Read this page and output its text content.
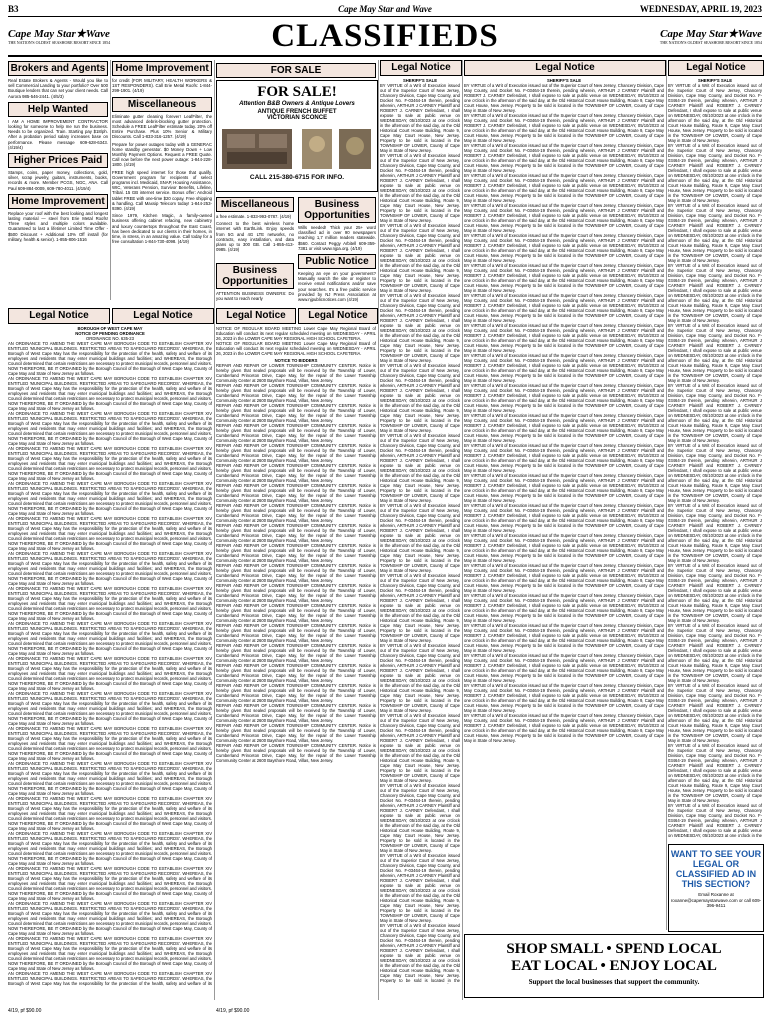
B3	Cape May Star and Wave	WEDNESDAY, APRIL 19, 2023
Cape May Star★Wave
THE NATION'S OLDEST SEASHORE RESORT SINCE 1854	CLASSIFIEDS	Cape May Star★Wave
THE NATION'S OLDEST SEASHORE RESORT SINCE 1854
Brokers and Agents
Real Estate Brokers & Agents - Would you like to sell Commercial Landing to your portfolio? Over 500 Boutique lenders that can set your client needs. Call Aurora 985-546-2441. (4/5/3)
Help Wanted
I AM A HOME IMPROVEMENT CONTRACTOR looking for someone to help me run the business. Needs to be organized. Train. Starting pay $18/ph. After a probation period salary increases base on performance. Please message 609-628-6343. (4/19/4)
Higher Prices Paid
Stamps, coins, paper money, collections, gold, silver, scrap jewelry, guitars, instruments, books, records & more. Member PCGS, NGC, ANA. Call Paul 609-884-0009, 609-780-4011. (4/19/4)
Home Improvement
Replace your roof with the best looking and longest lasting material — steel from Erie Metal Roofs! Three styles and multiple colors available. Guaranteed to last a lifetime! Limited Time Offer - $500 Discount + Additional 10% Off install (for military, health & senior). 1-855-806-1516
Home Improvement
for credit (FOR MILITARY, HEALTH WORKERS & 1ST RESPONDERS). Call Erie Metal Roofs: 1-844-299-1901. (4/19)
Miscellaneous
Eliminate gutter cleaning forever! LeafFilter, the most advanced debris-blocking gutter protection. Schedule a FREE LeafFilter estimate today. 20% off Entire Purchase. Plus 10% Senior & Military Discounts. Call 1-833-316-1257. (4/19)
Prepare for power outages today with a GENERAC home standby generator. $0 Money Down + Low Monthly Payment Options. Request a FREE Quote. Call now before the next power outage: 1-844-228-1800. (4/19)
FREE high speed internet for those that qualify. Government program for recipients of select programs incl. Medicaid, SNAP, Housing Assistance, WIC, Veterans Pension, Survivor Benefits, Lifeline, Tribal. 15 GB internet service. Bonus offer: Android tablet FREE with one-time $20 copay. Free shipping & handling. Call Maxsip Telecom today! 1-844-253-9390. (4/19)
Since 1979, Kitchen Magic, a family-owned business offering cabinet refacing, new cabinetry and luxury countertops throughout the East Coast, has been dedicated to our clients in their homes, in time, in stress, in an amazing value. Call today for a free consultation 1-844-730-4098. (4/19)
FOR SALE
FOR SALE!
Attention B&B Owners & Antique Lovers
ANTIQUE FRENCH BUFFET
VICTORIAN SCONCE
CALL 215-380-6715 FOR INFO.
Miscellaneous
a free estimate. 1-833-993-0787. (4/19)
Connect to the best wireless home internet with EarthLink. Enjoy speeds from 5G and 4G LTE networks, no contracts, easy installation, and data plans up to 300 GB. Call 1-855-413-0985. (4/19)
Business Opportunities
Wills needed! Thick your 25+ word classified ad in over 90 newspapers reaching 1,7 million readers statewide. $560. Contact Peggy Arbitell 609-359-7381 or visit www.njpa.org. (4/19)
Public Notice
Keeping an eye on your government? Manually search the site or register to receive email notifications and/or save your searches. It's a free public service provided by NJ Press Association at www.njpublicnotices.com (4/19)
Business Opportunities
ATTENTION BUSINESS OWNERS: Do you want to reach nearly
Legal Notice	Legal Notice	Legal Notice	Legal Notice
Legal Notice	Legal Notice	Legal Notice
BOROUGH OF WEST CAPE MAY
NOTICE OF PENDING ORDINANCE
ORDINANCE NO. 635-23
AN ORDINANCE TO AMEND THE WEST CAPE MAY BOROUGH CODE TO ESTABLISH CHAPTER XIV ENTITLED 'MUNICIPAL BUILDINGS. RESTRICTED AREAS TO SAFEGUARD RECORDS'. WHEREAS, the Borough of West Cape May has the responsibility for the protection of the health, safety and welfare of its employees and residents that may enter municipal buildings and facilities; and WHEREAS, the Borough Council determined that certain restrictions are necessary to protect municipal records, personnel and visitors. NOW THEREFORE, BE IT ORDAINED by the Borough Council of the Borough of West Cape May, County of Cape May and State of New Jersey as follows.
AN ORDINANCE TO AMEND THE WEST CAPE MAY BOROUGH CODE TO ESTABLISH CHAPTER XIV ENTITLED 'MUNICIPAL BUILDINGS. RESTRICTED AREAS TO SAFEGUARD RECORDS'. WHEREAS, the Borough of West Cape May has the responsibility for the protection of the health, safety and welfare of its employees and residents that may enter municipal buildings and facilities; and WHEREAS, the Borough Council determined that certain restrictions are necessary to protect municipal records, personnel and visitors. NOW THEREFORE, BE IT ORDAINED by the Borough Council of the Borough of West Cape May, County of Cape May and State of New Jersey as follows.
AN ORDINANCE TO AMEND THE WEST CAPE MAY BOROUGH CODE TO ESTABLISH CHAPTER XIV ENTITLED 'MUNICIPAL BUILDINGS. RESTRICTED AREAS TO SAFEGUARD RECORDS'. WHEREAS, the Borough of West Cape May has the responsibility for the protection of the health, safety and welfare of its employees and residents that may enter municipal buildings and facilities; and WHEREAS, the Borough Council determined that certain restrictions are necessary to protect municipal records, personnel and visitors. NOW THEREFORE, BE IT ORDAINED by the Borough Council of the Borough of West Cape May, County of Cape May and State of New Jersey as follows.
AN ORDINANCE TO AMEND THE WEST CAPE MAY BOROUGH CODE TO ESTABLISH CHAPTER XIV ENTITLED 'MUNICIPAL BUILDINGS. RESTRICTED AREAS TO SAFEGUARD RECORDS'. WHEREAS, the Borough of West Cape May has the responsibility for the protection of the health, safety and welfare of its employees and residents that may enter municipal buildings and facilities; and WHEREAS, the Borough Council determined that certain restrictions are necessary to protect municipal records, personnel and visitors. NOW THEREFORE, BE IT ORDAINED by the Borough Council of the Borough of West Cape May, County of Cape May and State of New Jersey as follows.
AN ORDINANCE TO AMEND THE WEST CAPE MAY BOROUGH CODE TO ESTABLISH CHAPTER XIV ENTITLED 'MUNICIPAL BUILDINGS. RESTRICTED AREAS TO SAFEGUARD RECORDS'. WHEREAS, the Borough of West Cape May has the responsibility for the protection of the health, safety and welfare of its employees and residents that may enter municipal buildings and facilities; and WHEREAS, the Borough Council determined that certain restrictions are necessary to protect municipal records, personnel and visitors. NOW THEREFORE, BE IT ORDAINED by the Borough Council of the Borough of West Cape May, County of Cape May and State of New Jersey as follows.
AN ORDINANCE TO AMEND THE WEST CAPE MAY BOROUGH CODE TO ESTABLISH CHAPTER XIV ENTITLED 'MUNICIPAL BUILDINGS. RESTRICTED AREAS TO SAFEGUARD RECORDS'. WHEREAS, the Borough of West Cape May has the responsibility for the protection of the health, safety and welfare of its employees and residents that may enter municipal buildings and facilities; and WHEREAS, the Borough Council determined that certain restrictions are necessary to protect municipal records, personnel and visitors. NOW THEREFORE, BE IT ORDAINED by the Borough Council of the Borough of West Cape May, County of Cape May and State of New Jersey as follows.
AN ORDINANCE TO AMEND THE WEST CAPE MAY BOROUGH CODE TO ESTABLISH CHAPTER XIV ENTITLED 'MUNICIPAL BUILDINGS. RESTRICTED AREAS TO SAFEGUARD RECORDS'. WHEREAS, the Borough of West Cape May has the responsibility for the protection of the health, safety and welfare of its employees and residents that may enter municipal buildings and facilities; and WHEREAS, the Borough Council determined that certain restrictions are necessary to protect municipal records, personnel and visitors. NOW THEREFORE, BE IT ORDAINED by the Borough Council of the Borough of West Cape May, County of Cape May and State of New Jersey as follows.
AN ORDINANCE TO AMEND THE WEST CAPE MAY BOROUGH CODE TO ESTABLISH CHAPTER XIV ENTITLED 'MUNICIPAL BUILDINGS. RESTRICTED AREAS TO SAFEGUARD RECORDS'. WHEREAS, the Borough of West Cape May has the responsibility for the protection of the health, safety and welfare of its employees and residents that may enter municipal buildings and facilities; and WHEREAS, the Borough Council determined that certain restrictions are necessary to protect municipal records, personnel and visitors. NOW THEREFORE, BE IT ORDAINED by the Borough Council of the Borough of West Cape May, County of Cape May and State of New Jersey as follows.
AN ORDINANCE TO AMEND THE WEST CAPE MAY BOROUGH CODE TO ESTABLISH CHAPTER XIV ENTITLED 'MUNICIPAL BUILDINGS. RESTRICTED AREAS TO SAFEGUARD RECORDS'. WHEREAS, the Borough of West Cape May has the responsibility for the protection of the health, safety and welfare of its employees and residents that may enter municipal buildings and facilities; and WHEREAS, the Borough Council determined that certain restrictions are necessary to protect municipal records, personnel and visitors. NOW THEREFORE, BE IT ORDAINED by the Borough Council of the Borough of West Cape May, County of Cape May and State of New Jersey as follows.
AN ORDINANCE TO AMEND THE WEST CAPE MAY BOROUGH CODE TO ESTABLISH CHAPTER XIV ENTITLED 'MUNICIPAL BUILDINGS. RESTRICTED AREAS TO SAFEGUARD RECORDS'. WHEREAS, the Borough of West Cape May has the responsibility for the protection of the health, safety and welfare of its employees and residents that may enter municipal buildings and facilities; and WHEREAS, the Borough Council determined that certain restrictions are necessary to protect municipal records, personnel and visitors. NOW THEREFORE, BE IT ORDAINED by the Borough Council of the Borough of West Cape May, County of Cape May and State of New Jersey as follows.
AN ORDINANCE TO AMEND THE WEST CAPE MAY BOROUGH CODE TO ESTABLISH CHAPTER XIV ENTITLED 'MUNICIPAL BUILDINGS. RESTRICTED AREAS TO SAFEGUARD RECORDS'. WHEREAS, the Borough of West Cape May has the responsibility for the protection of the health, safety and welfare of its employees and residents that may enter municipal buildings and facilities; and WHEREAS, the Borough Council determined that certain restrictions are necessary to protect municipal records, personnel and visitors. NOW THEREFORE, BE IT ORDAINED by the Borough Council of the Borough of West Cape May, County of Cape May and State of New Jersey as follows.
AN ORDINANCE TO AMEND THE WEST CAPE MAY BOROUGH CODE TO ESTABLISH CHAPTER XIV ENTITLED 'MUNICIPAL BUILDINGS. RESTRICTED AREAS TO SAFEGUARD RECORDS'. WHEREAS, the Borough of West Cape May has the responsibility for the protection of the health, safety and welfare of its employees and residents that may enter municipal buildings and facilities; and WHEREAS, the Borough Council determined that certain restrictions are necessary to protect municipal records, personnel and visitors. NOW THEREFORE, BE IT ORDAINED by the Borough Council of the Borough of West Cape May, County of Cape May and State of New Jersey as follows.
AN ORDINANCE TO AMEND THE WEST CAPE MAY BOROUGH CODE TO ESTABLISH CHAPTER XIV ENTITLED 'MUNICIPAL BUILDINGS. RESTRICTED AREAS TO SAFEGUARD RECORDS'. WHEREAS, the Borough of West Cape May has the responsibility for the protection of the health, safety and welfare of its employees and residents that may enter municipal buildings and facilities; and WHEREAS, the Borough Council determined that certain restrictions are necessary to protect municipal records, personnel and visitors. NOW THEREFORE, BE IT ORDAINED by the Borough Council of the Borough of West Cape May, County of Cape May and State of New Jersey as follows.
AN ORDINANCE TO AMEND THE WEST CAPE MAY BOROUGH CODE TO ESTABLISH CHAPTER XIV ENTITLED 'MUNICIPAL BUILDINGS. RESTRICTED AREAS TO SAFEGUARD RECORDS'. WHEREAS, the Borough of West Cape May has the responsibility for the protection of the health, safety and welfare of its employees and residents that may enter municipal buildings and facilities; and WHEREAS, the Borough Council determined that certain restrictions are necessary to protect municipal records, personnel and visitors. NOW THEREFORE, BE IT ORDAINED by the Borough Council of the Borough of West Cape May, County of Cape May and State of New Jersey as follows.
AN ORDINANCE TO AMEND THE WEST CAPE MAY BOROUGH CODE TO ESTABLISH CHAPTER XIV ENTITLED 'MUNICIPAL BUILDINGS. RESTRICTED AREAS TO SAFEGUARD RECORDS'. WHEREAS, the Borough of West Cape May has the responsibility for the protection of the health, safety and welfare of its employees and residents that may enter municipal buildings and facilities; and WHEREAS, the Borough Council determined that certain restrictions are necessary to protect municipal records, personnel and visitors. NOW THEREFORE, BE IT ORDAINED by the Borough Council of the Borough of West Cape May, County of Cape May and State of New Jersey as follows.
AN ORDINANCE TO AMEND THE WEST CAPE MAY BOROUGH CODE TO ESTABLISH CHAPTER XIV ENTITLED 'MUNICIPAL BUILDINGS. RESTRICTED AREAS TO SAFEGUARD RECORDS'. WHEREAS, the Borough of West Cape May has the responsibility for the protection of the health, safety and welfare of its employees and residents that may enter municipal buildings and facilities; and WHEREAS, the Borough Council determined that certain restrictions are necessary to protect municipal records, personnel and visitors. NOW THEREFORE, BE IT ORDAINED by the Borough Council of the Borough of West Cape May, County of Cape May and State of New Jersey as follows.
AN ORDINANCE TO AMEND THE WEST CAPE MAY BOROUGH CODE TO ESTABLISH CHAPTER XIV ENTITLED 'MUNICIPAL BUILDINGS. RESTRICTED AREAS TO SAFEGUARD RECORDS'. WHEREAS, the Borough of West Cape May has the responsibility for the protection of the health, safety and welfare of its employees and residents that may enter municipal buildings and facilities; and WHEREAS, the Borough Council determined that certain restrictions are necessary to protect municipal records, personnel and visitors. NOW THEREFORE, BE IT ORDAINED by the Borough Council of the Borough of West Cape May, County of Cape May and State of New Jersey as follows.
AN ORDINANCE TO AMEND THE WEST CAPE MAY BOROUGH CODE TO ESTABLISH CHAPTER XIV ENTITLED 'MUNICIPAL BUILDINGS. RESTRICTED AREAS TO SAFEGUARD RECORDS'. WHEREAS, the Borough of West Cape May has the responsibility for the protection of the health, safety and welfare of its employees and residents that may enter municipal buildings and facilities; and WHEREAS, the Borough Council determined that certain restrictions are necessary to protect municipal records, personnel and visitors. NOW THEREFORE, BE IT ORDAINED by the Borough Council of the Borough of West Cape May, County of Cape May and State of New Jersey as follows.
AN ORDINANCE TO AMEND THE WEST CAPE MAY BOROUGH CODE TO ESTABLISH CHAPTER XIV ENTITLED 'MUNICIPAL BUILDINGS. RESTRICTED AREAS TO SAFEGUARD RECORDS'. WHEREAS, the Borough of West Cape May has the responsibility for the protection of the health, safety and welfare of its
NOTICE OF REGULAR BOARD MEETING Lower Cape May Regional Board of Education will conduct its next regular scheduled meeting on WEDNESDAY - APRIL 26, 2023 in the LOWER CAPE MAY REGIONAL HIGH SCHOOL CAFETERIA.
NOTICE OF REGULAR BOARD MEETING Lower Cape May Regional Board of Education will conduct its next regular scheduled meeting on WEDNESDAY - APRIL 26, 2023 in the LOWER CAPE MAY REGIONAL HIGH SCHOOL CAFETERIA.
NOTICE TO BIDDERS
REPAIR AND REPAIR OF LOWER TOWNSHIP COMMUNITY CENTER. Notice is hereby given that sealed proposals will be received by the Township of Lower, Cumberland Princeton Drive, Cape May, for the repair of the Lower Township Community Center at 2600 Bayshore Road, Villas, New Jersey.
REPAIR AND REPAIR OF LOWER TOWNSHIP COMMUNITY CENTER. Notice is hereby given that sealed proposals will be received by the Township of Lower, Cumberland Princeton Drive, Cape May, for the repair of the Lower Township Community Center at 2600 Bayshore Road, Villas, New Jersey.
REPAIR AND REPAIR OF LOWER TOWNSHIP COMMUNITY CENTER. Notice is hereby given that sealed proposals will be received by the Township of Lower, Cumberland Princeton Drive, Cape May, for the repair of the Lower Township Community Center at 2600 Bayshore Road, Villas, New Jersey.
REPAIR AND REPAIR OF LOWER TOWNSHIP COMMUNITY CENTER. Notice is hereby given that sealed proposals will be received by the Township of Lower, Cumberland Princeton Drive, Cape May, for the repair of the Lower Township Community Center at 2600 Bayshore Road, Villas, New Jersey.
REPAIR AND REPAIR OF LOWER TOWNSHIP COMMUNITY CENTER. Notice is hereby given that sealed proposals will be received by the Township of Lower, Cumberland Princeton Drive, Cape May, for the repair of the Lower Township Community Center at 2600 Bayshore Road, Villas, New Jersey.
REPAIR AND REPAIR OF LOWER TOWNSHIP COMMUNITY CENTER. Notice is hereby given that sealed proposals will be received by the Township of Lower, Cumberland Princeton Drive, Cape May, for the repair of the Lower Township Community Center at 2600 Bayshore Road, Villas, New Jersey.
REPAIR AND REPAIR OF LOWER TOWNSHIP COMMUNITY CENTER. Notice is hereby given that sealed proposals will be received by the Township of Lower, Cumberland Princeton Drive, Cape May, for the repair of the Lower Township Community Center at 2600 Bayshore Road, Villas, New Jersey.
REPAIR AND REPAIR OF LOWER TOWNSHIP COMMUNITY CENTER. Notice is hereby given that sealed proposals will be received by the Township of Lower, Cumberland Princeton Drive, Cape May, for the repair of the Lower Township Community Center at 2600 Bayshore Road, Villas, New Jersey.
REPAIR AND REPAIR OF LOWER TOWNSHIP COMMUNITY CENTER. Notice is hereby given that sealed proposals will be received by the Township of Lower, Cumberland Princeton Drive, Cape May, for the repair of the Lower Township Community Center at 2600 Bayshore Road, Villas, New Jersey.
REPAIR AND REPAIR OF LOWER TOWNSHIP COMMUNITY CENTER. Notice is hereby given that sealed proposals will be received by the Township of Lower, Cumberland Princeton Drive, Cape May, for the repair of the Lower Township Community Center at 2600 Bayshore Road, Villas, New Jersey.
REPAIR AND REPAIR OF LOWER TOWNSHIP COMMUNITY CENTER. Notice is hereby given that sealed proposals will be received by the Township of Lower, Cumberland Princeton Drive, Cape May, for the repair of the Lower Township Community Center at 2600 Bayshore Road, Villas, New Jersey.
REPAIR AND REPAIR OF LOWER TOWNSHIP COMMUNITY CENTER. Notice is hereby given that sealed proposals will be received by the Township of Lower, Cumberland Princeton Drive, Cape May, for the repair of the Lower Township Community Center at 2600 Bayshore Road, Villas, New Jersey.
REPAIR AND REPAIR OF LOWER TOWNSHIP COMMUNITY CENTER. Notice is hereby given that sealed proposals will be received by the Township of Lower, Cumberland Princeton Drive, Cape May, for the repair of the Lower Township Community Center at 2600 Bayshore Road, Villas, New Jersey.
REPAIR AND REPAIR OF LOWER TOWNSHIP COMMUNITY CENTER. Notice is hereby given that sealed proposals will be received by the Township of Lower, Cumberland Princeton Drive, Cape May, for the repair of the Lower Township Community Center at 2600 Bayshore Road, Villas, New Jersey.
REPAIR AND REPAIR OF LOWER TOWNSHIP COMMUNITY CENTER. Notice is hereby given that sealed proposals will be received by the Township of Lower, Cumberland Princeton Drive, Cape May, for the repair of the Lower Township Community Center at 2600 Bayshore Road, Villas, New Jersey.
REPAIR AND REPAIR OF LOWER TOWNSHIP COMMUNITY CENTER. Notice is hereby given that sealed proposals will be received by the Township of Lower, Cumberland Princeton Drive, Cape May, for the repair of the Lower Township Community Center at 2600 Bayshore Road, Villas, New Jersey.
REPAIR AND REPAIR OF LOWER TOWNSHIP COMMUNITY CENTER. Notice is hereby given that sealed proposals will be received by the Township of Lower, Cumberland Princeton Drive, Cape May, for the repair of the Lower Township Community Center at 2600 Bayshore Road, Villas, New Jersey.
REPAIR AND REPAIR OF LOWER TOWNSHIP COMMUNITY CENTER. Notice is hereby given that sealed proposals will be received by the Township of Lower, Cumberland Princeton Drive, Cape May, for the repair of the Lower Township Community Center at 2600 Bayshore Road, Villas, New Jersey.
REPAIR AND REPAIR OF LOWER TOWNSHIP COMMUNITY CENTER. Notice is hereby given that sealed proposals will be received by the Township of Lower, Cumberland Princeton Drive, Cape May, for the repair of the Lower Township Community Center at 2600 Bayshore Road, Villas, New Jersey.
REPAIR AND REPAIR OF LOWER TOWNSHIP COMMUNITY CENTER. Notice is hereby given that sealed proposals will be received by the Township of Lower, Cumberland Princeton Drive, Cape May, for the repair of the Lower Township Community Center at 2600 Bayshore Road, Villas, New Jersey.
SHERIFF'S SALE
BY VIRTUE of a Writ of Execution issued out of the Superior Court of New Jersey, Chancery Division, Cape May County, and Docket No. F-03464-19 therein, pending wherein, ARTHUR J CARNEY Plaintiff and ROBERT J. CARNEY Defendant, I shall expose to sale at public venue on WEDNESDAY, 05/10/2023 at one o'clock in the afternoon of the said day, at the Old Historical Court House Building, Route 9, Cape May Court House, New Jersey. Property to be sold is located in the TOWNSHIP OF LOWER, County of Cape May in State of New Jersey.
BY VIRTUE of a Writ of Execution issued out of the Superior Court of New Jersey, Chancery Division, Cape May County, and Docket No. F-03464-19 therein, pending wherein, ARTHUR J CARNEY Plaintiff and ROBERT J. CARNEY Defendant, I shall expose to sale at public venue on WEDNESDAY, 05/10/2023 at one o'clock in the afternoon of the said day, at the Old Historical Court House Building, Route 9, Cape May Court House, New Jersey. Property to be sold is located in the TOWNSHIP OF LOWER, County of Cape May in State of New Jersey.
BY VIRTUE of a Writ of Execution issued out of the Superior Court of New Jersey, Chancery Division, Cape May County, and Docket No. F-03464-19 therein, pending wherein, ARTHUR J CARNEY Plaintiff and ROBERT J. CARNEY Defendant, I shall expose to sale at public venue on WEDNESDAY, 05/10/2023 at one o'clock in the afternoon of the said day, at the Old Historical Court House Building, Route 9, Cape May Court House, New Jersey. Property to be sold is located in the TOWNSHIP OF LOWER, County of Cape May in State of New Jersey.
BY VIRTUE of a Writ of Execution issued out of the Superior Court of New Jersey, Chancery Division, Cape May County, and Docket No. F-03464-19 therein, pending wherein, ARTHUR J CARNEY Plaintiff and ROBERT J. CARNEY Defendant, I shall expose to sale at public venue on WEDNESDAY, 05/10/2023 at one o'clock in the afternoon of the said day, at the Old Historical Court House Building, Route 9, Cape May Court House, New Jersey. Property to be sold is located in the TOWNSHIP OF LOWER, County of Cape May in State of New Jersey.
BY VIRTUE of a Writ of Execution issued out of the Superior Court of New Jersey, Chancery Division, Cape May County, and Docket No. F-03464-19 therein, pending wherein, ARTHUR J CARNEY Plaintiff and ROBERT J. CARNEY Defendant, I shall expose to sale at public venue on WEDNESDAY, 05/10/2023 at one o'clock in the afternoon of the said day, at the Old Historical Court House Building, Route 9, Cape May Court House, New Jersey. Property to be sold is located in the TOWNSHIP OF LOWER, County of Cape May in State of New Jersey.
BY VIRTUE of a Writ of Execution issued out of the Superior Court of New Jersey, Chancery Division, Cape May County, and Docket No. F-03464-19 therein, pending wherein, ARTHUR J CARNEY Plaintiff and ROBERT J. CARNEY Defendant, I shall expose to sale at public venue on WEDNESDAY, 05/10/2023 at one o'clock in the afternoon of the said day, at the Old Historical Court House Building, Route 9, Cape May Court House, New Jersey. Property to be sold is located in the TOWNSHIP OF LOWER, County of Cape May in State of New Jersey.
BY VIRTUE of a Writ of Execution issued out of the Superior Court of New Jersey, Chancery Division, Cape May County, and Docket No. F-03464-19 therein, pending wherein, ARTHUR J CARNEY Plaintiff and ROBERT J. CARNEY Defendant, I shall expose to sale at public venue on WEDNESDAY, 05/10/2023 at one o'clock in the afternoon of the said day, at the Old Historical Court House Building, Route 9, Cape May Court House, New Jersey. Property to be sold is located in the TOWNSHIP OF LOWER, County of Cape May in State of New Jersey.
BY VIRTUE of a Writ of Execution issued out of the Superior Court of New Jersey, Chancery Division, Cape May County, and Docket No. F-03464-19 therein, pending wherein, ARTHUR J CARNEY Plaintiff and ROBERT J. CARNEY Defendant, I shall expose to sale at public venue on WEDNESDAY, 05/10/2023 at one o'clock in the afternoon of the said day, at the Old Historical Court House Building, Route 9, Cape May Court House, New Jersey. Property to be sold is located in the TOWNSHIP OF LOWER, County of Cape May in State of New Jersey.
BY VIRTUE of a Writ of Execution issued out of the Superior Court of New Jersey, Chancery Division, Cape May County, and Docket No. F-03464-19 therein, pending wherein, ARTHUR J CARNEY Plaintiff and ROBERT J. CARNEY Defendant, I shall expose to sale at public venue on WEDNESDAY, 05/10/2023 at one o'clock in the afternoon of the said day, at the Old Historical Court House Building, Route 9, Cape May Court House, New Jersey. Property to be sold is located in the TOWNSHIP OF LOWER, County of Cape May in State of New Jersey.
BY VIRTUE of a Writ of Execution issued out of the Superior Court of New Jersey, Chancery Division, Cape May County, and Docket No. F-03464-19 therein, pending wherein, ARTHUR J CARNEY Plaintiff and ROBERT J. CARNEY Defendant, I shall expose to sale at public venue on WEDNESDAY, 05/10/2023 at one o'clock in the afternoon of the said day, at the Old Historical Court House Building, Route 9, Cape May Court House, New Jersey. Property to be sold is located in the TOWNSHIP OF LOWER, County of Cape May in State of New Jersey.
BY VIRTUE of a Writ of Execution issued out of the Superior Court of New Jersey, Chancery Division, Cape May County, and Docket No. F-03464-19 therein, pending wherein, ARTHUR J CARNEY Plaintiff and ROBERT J. CARNEY Defendant, I shall expose to sale at public venue on WEDNESDAY, 05/10/2023 at one o'clock in the afternoon of the said day, at the Old Historical Court House Building, Route 9, Cape May Court House, New Jersey. Property to be sold is located in the TOWNSHIP OF LOWER, County of Cape May in State of New Jersey.
BY VIRTUE of a Writ of Execution issued out of the Superior Court of New Jersey, Chancery Division, Cape May County, and Docket No. F-03464-19 therein, pending wherein, ARTHUR J CARNEY Plaintiff and ROBERT J. CARNEY Defendant, I shall expose to sale at public venue on WEDNESDAY, 05/10/2023 at one o'clock in the afternoon of the said day, at the Old Historical Court House Building, Route 9, Cape May Court House, New Jersey. Property to be sold is located in the TOWNSHIP OF LOWER, County of Cape May in State of New Jersey.
BY VIRTUE of a Writ of Execution issued out of the Superior Court of New Jersey, Chancery Division, Cape May County, and Docket No. F-03464-19 therein, pending wherein, ARTHUR J CARNEY Plaintiff and ROBERT J. CARNEY Defendant, I shall expose to sale at public venue on WEDNESDAY, 05/10/2023 at one o'clock in the afternoon of the said day, at the Old Historical Court House Building, Route 9, Cape May Court House, New Jersey. Property to be sold is located in the
SHERIFF'S SALE
BY VIRTUE of a Writ of Execution issued out of the Superior Court of New Jersey, Chancery Division, Cape May County, and Docket No. F-03464-19 therein, pending wherein, ARTHUR J CARNEY Plaintiff and ROBERT J. CARNEY Defendant, I shall expose to sale at public venue on WEDNESDAY, 05/10/2023 at one o'clock in the afternoon of the said day, at the Old Historical Court House Building, Route 9, Cape May Court House, New Jersey. Property to be sold is located in the TOWNSHIP OF LOWER, County of Cape May in State of New Jersey.
BY VIRTUE of a Writ of Execution issued out of the Superior Court of New Jersey, Chancery Division, Cape May County, and Docket No. F-03464-19 therein, pending wherein, ARTHUR J CARNEY Plaintiff and ROBERT J. CARNEY Defendant, I shall expose to sale at public venue on WEDNESDAY, 05/10/2023 at one o'clock in the afternoon of the said day, at the Old Historical Court House Building, Route 9, Cape May Court House, New Jersey. Property to be sold is located in the TOWNSHIP OF LOWER, County of Cape May in State of New Jersey.
BY VIRTUE of a Writ of Execution issued out of the Superior Court of New Jersey, Chancery Division, Cape May County, and Docket No. F-03464-19 therein, pending wherein, ARTHUR J CARNEY Plaintiff and ROBERT J. CARNEY Defendant, I shall expose to sale at public venue on WEDNESDAY, 05/10/2023 at one o'clock in the afternoon of the said day, at the Old Historical Court House Building, Route 9, Cape May Court House, New Jersey. Property to be sold is located in the TOWNSHIP OF LOWER, County of Cape May in State of New Jersey.
BY VIRTUE of a Writ of Execution issued out of the Superior Court of New Jersey, Chancery Division, Cape May County, and Docket No. F-03464-19 therein, pending wherein, ARTHUR J CARNEY Plaintiff and ROBERT J. CARNEY Defendant, I shall expose to sale at public venue on WEDNESDAY, 05/10/2023 at one o'clock in the afternoon of the said day, at the Old Historical Court House Building, Route 9, Cape May Court House, New Jersey. Property to be sold is located in the TOWNSHIP OF LOWER, County of Cape May in State of New Jersey.
BY VIRTUE of a Writ of Execution issued out of the Superior Court of New Jersey, Chancery Division, Cape May County, and Docket No. F-03464-19 therein, pending wherein, ARTHUR J CARNEY Plaintiff and ROBERT J. CARNEY Defendant, I shall expose to sale at public venue on WEDNESDAY, 05/10/2023 at one o'clock in the afternoon of the said day, at the Old Historical Court House Building, Route 9, Cape May Court House, New Jersey. Property to be sold is located in the TOWNSHIP OF LOWER, County of Cape May in State of New Jersey.
BY VIRTUE of a Writ of Execution issued out of the Superior Court of New Jersey, Chancery Division, Cape May County, and Docket No. F-03464-19 therein, pending wherein, ARTHUR J CARNEY Plaintiff and ROBERT J. CARNEY Defendant, I shall expose to sale at public venue on WEDNESDAY, 05/10/2023 at one o'clock in the afternoon of the said day, at the Old Historical Court House Building, Route 9, Cape May Court House, New Jersey. Property to be sold is located in the TOWNSHIP OF LOWER, County of Cape May in State of New Jersey.
BY VIRTUE of a Writ of Execution issued out of the Superior Court of New Jersey, Chancery Division, Cape May County, and Docket No. F-03464-19 therein, pending wherein, ARTHUR J CARNEY Plaintiff and ROBERT J. CARNEY Defendant, I shall expose to sale at public venue on WEDNESDAY, 05/10/2023 at one o'clock in the afternoon of the said day, at the Old Historical Court House Building, Route 9, Cape May Court House, New Jersey. Property to be sold is located in the TOWNSHIP OF LOWER, County of Cape May in State of New Jersey.
BY VIRTUE of a Writ of Execution issued out of the Superior Court of New Jersey, Chancery Division, Cape May County, and Docket No. F-03464-19 therein, pending wherein, ARTHUR J CARNEY Plaintiff and ROBERT J. CARNEY Defendant, I shall expose to sale at public venue on WEDNESDAY, 05/10/2023 at one o'clock in the afternoon of the said day, at the Old Historical Court House Building, Route 9, Cape May Court House, New Jersey. Property to be sold is located in the TOWNSHIP OF LOWER, County of Cape May in State of New Jersey.
BY VIRTUE of a Writ of Execution issued out of the Superior Court of New Jersey, Chancery Division, Cape May County, and Docket No. F-03464-19 therein, pending wherein, ARTHUR J CARNEY Plaintiff and ROBERT J. CARNEY Defendant, I shall expose to sale at public venue on WEDNESDAY, 05/10/2023 at one o'clock in the afternoon of the said day, at the Old Historical Court House Building, Route 9, Cape May Court House, New Jersey. Property to be sold is located in the TOWNSHIP OF LOWER, County of Cape May in State of New Jersey.
BY VIRTUE of a Writ of Execution issued out of the Superior Court of New Jersey, Chancery Division, Cape May County, and Docket No. F-03464-19 therein, pending wherein, ARTHUR J CARNEY Plaintiff and ROBERT J. CARNEY Defendant, I shall expose to sale at public venue on WEDNESDAY, 05/10/2023 at one o'clock in the afternoon of the said day, at the Old Historical Court House Building, Route 9, Cape May Court House, New Jersey. Property to be sold is located in the TOWNSHIP OF LOWER, County of Cape May in State of New Jersey.
BY VIRTUE of a Writ of Execution issued out of the Superior Court of New Jersey, Chancery Division, Cape May County, and Docket No. F-03464-19 therein, pending wherein, ARTHUR J CARNEY Plaintiff and ROBERT J. CARNEY Defendant, I shall expose to sale at public venue on WEDNESDAY, 05/10/2023 at one o'clock in the afternoon of the said day, at the Old Historical Court House Building, Route 9, Cape May Court House, New Jersey. Property to be sold is located in the TOWNSHIP OF LOWER, County of Cape May in State of New Jersey.
BY VIRTUE of a Writ of Execution issued out of the Superior Court of New Jersey, Chancery Division, Cape May County, and Docket No. F-03464-19 therein, pending wherein, ARTHUR J CARNEY Plaintiff and ROBERT J. CARNEY Defendant, I shall expose to sale at public venue on WEDNESDAY, 05/10/2023 at one o'clock in the afternoon of the said day, at the Old Historical Court House Building, Route 9, Cape May Court House, New Jersey. Property to be sold is located in the TOWNSHIP OF LOWER, County of Cape May in State of New Jersey.
BY VIRTUE of a Writ of Execution issued out of the Superior Court of New Jersey, Chancery Division, Cape May County, and Docket No. F-03464-19 therein, pending wherein, ARTHUR J CARNEY Plaintiff and ROBERT J. CARNEY Defendant, I shall expose to sale at public venue on WEDNESDAY, 05/10/2023 at one o'clock in the afternoon of the said day, at the Old Historical Court House Building, Route 9, Cape May Court House, New Jersey. Property to be sold is located in the TOWNSHIP OF LOWER, County of Cape May in State of New Jersey.
BY VIRTUE of a Writ of Execution issued out of the Superior Court of New Jersey, Chancery Division, Cape May County, and Docket No. F-03464-19 therein, pending wherein, ARTHUR J CARNEY Plaintiff and ROBERT J. CARNEY Defendant, I shall expose to sale at public venue on WEDNESDAY, 05/10/2023 at one o'clock in the afternoon of the said day, at the Old Historical Court House Building, Route 9, Cape May Court House, New Jersey. Property to be sold is located in the TOWNSHIP OF LOWER, County of Cape May in State of New Jersey.
BY VIRTUE of a Writ of Execution issued out of the Superior Court of New Jersey, Chancery Division, Cape May County, and Docket No. F-03464-19 therein, pending wherein, ARTHUR J CARNEY Plaintiff and ROBERT J. CARNEY Defendant, I shall expose to sale at public venue on WEDNESDAY, 05/10/2023 at one o'clock in the afternoon of the said day, at the Old Historical Court House Building, Route 9, Cape May Court House, New Jersey. Property to be sold is located in the TOWNSHIP OF LOWER, County of Cape May in State of New Jersey.
BY VIRTUE of a Writ of Execution issued out of the Superior Court of New Jersey, Chancery Division, Cape May County, and Docket No. F-03464-19 therein, pending wherein, ARTHUR J CARNEY Plaintiff and ROBERT J. CARNEY Defendant, I shall expose to sale at public venue on WEDNESDAY, 05/10/2023 at one o'clock in the afternoon of the said day, at the Old Historical Court House Building, Route 9, Cape May Court House, New Jersey. Property to be sold is located in the TOWNSHIP OF LOWER, County of Cape May in State of New Jersey.
BY VIRTUE of a Writ of Execution issued out of the Superior Court of New Jersey, Chancery Division, Cape May County, and Docket No. F-03464-19 therein, pending wherein, ARTHUR J CARNEY Plaintiff and ROBERT J. CARNEY Defendant, I shall expose to sale at public venue on WEDNESDAY, 05/10/2023 at one o'clock in the afternoon of the said day, at the Old Historical Court House Building, Route 9, Cape May Court House, New Jersey. Property to be sold is located in the TOWNSHIP OF LOWER, County of Cape May in State of New Jersey.
BY VIRTUE of a Writ of Execution issued out of the Superior Court of New Jersey, Chancery Division, Cape May County, and Docket No. F-03464-19 therein, pending wherein, ARTHUR J CARNEY Plaintiff and ROBERT J. CARNEY Defendant, I shall expose to sale at public venue on WEDNESDAY, 05/10/2023 at one o'clock in the afternoon of the said day, at the Old Historical Court House Building, Route 9, Cape May Court House, New Jersey. Property to be sold is located in the TOWNSHIP OF LOWER, County of Cape May in State of New Jersey.
BY VIRTUE of a Writ of Execution issued out of the Superior Court of New Jersey, Chancery Division, Cape May County, and Docket No. F-03464-19 therein, pending wherein, ARTHUR J CARNEY Plaintiff and ROBERT J. CARNEY Defendant, I shall expose to sale at public venue on WEDNESDAY, 05/10/2023 at one o'clock in the afternoon of the said day, at the Old Historical Court House Building, Route 9, Cape May Court House, New Jersey. Property to be sold is located in the TOWNSHIP OF LOWER, County of Cape May in State of New Jersey.
BY VIRTUE of a Writ of Execution issued out of the Superior Court of New Jersey, Chancery Division, Cape May County, and Docket No. F-03464-19 therein, pending wherein, ARTHUR J CARNEY Plaintiff and ROBERT J. CARNEY Defendant, I shall expose to sale at public venue on WEDNESDAY, 05/10/2023 at one o'clock in the afternoon of the said day, at the Old Historical Court House Building, Route 9, Cape May Court House, New Jersey. Property to be sold is located in the TOWNSHIP OF LOWER, County of Cape May in State of New Jersey.
BY VIRTUE of a Writ of Execution issued out of the Superior Court of New Jersey, Chancery Division, Cape May County, and Docket No. F-03464-19 therein, pending wherein, ARTHUR J CARNEY Plaintiff and ROBERT J. CARNEY Defendant, I shall expose to sale at public venue on WEDNESDAY, 05/10/2023 at one o'clock in the afternoon of the said day, at the Old Historical Court House Building, Route 9, Cape May Court House, New Jersey. Property to be sold is located in the TOWNSHIP OF LOWER, County of Cape May in State of New Jersey.
BY VIRTUE of a Writ of Execution issued out of the Superior Court of New Jersey, Chancery Division, Cape May County, and Docket No. F-03464-19 therein, pending wherein, ARTHUR J CARNEY Plaintiff and ROBERT J. CARNEY Defendant, I shall expose to sale at public venue on WEDNESDAY, 05/10/2023 at one o'clock in the afternoon of the said day, at the Old Historical Court House Building, Route 9, Cape May Court House, New Jersey. Property to be sold is located in the TOWNSHIP OF LOWER, County of Cape May in State of New Jersey.
SHERIFF'S SALE
BY VIRTUE of a Writ of Execution issued out of the Superior Court of New Jersey, Chancery Division, Cape May County, and Docket No. F-03464-19 therein, pending wherein, ARTHUR J CARNEY Plaintiff and ROBERT J. CARNEY Defendant, I shall expose to sale at public venue on WEDNESDAY, 05/10/2023 at one o'clock in the afternoon of the said day, at the Old Historical Court House Building, Route 9, Cape May Court House, New Jersey. Property to be sold is located in the TOWNSHIP OF LOWER, County of Cape May in State of New Jersey.
BY VIRTUE of a Writ of Execution issued out of the Superior Court of New Jersey, Chancery Division, Cape May County, and Docket No. F-03464-19 therein, pending wherein, ARTHUR J CARNEY Plaintiff and ROBERT J. CARNEY Defendant, I shall expose to sale at public venue on WEDNESDAY, 05/10/2023 at one o'clock in the afternoon of the said day, at the Old Historical Court House Building, Route 9, Cape May Court House, New Jersey. Property to be sold is located in the TOWNSHIP OF LOWER, County of Cape May in State of New Jersey.
BY VIRTUE of a Writ of Execution issued out of the Superior Court of New Jersey, Chancery Division, Cape May County, and Docket No. F-03464-19 therein, pending wherein, ARTHUR J CARNEY Plaintiff and ROBERT J. CARNEY Defendant, I shall expose to sale at public venue on WEDNESDAY, 05/10/2023 at one o'clock in the afternoon of the said day, at the Old Historical Court House Building, Route 9, Cape May Court House, New Jersey. Property to be sold is located in the TOWNSHIP OF LOWER, County of Cape May in State of New Jersey.
BY VIRTUE of a Writ of Execution issued out of the Superior Court of New Jersey, Chancery Division, Cape May County, and Docket No. F-03464-19 therein, pending wherein, ARTHUR J CARNEY Plaintiff and ROBERT J. CARNEY Defendant, I shall expose to sale at public venue on WEDNESDAY, 05/10/2023 at one o'clock in the afternoon of the said day, at the Old Historical Court House Building, Route 9, Cape May Court House, New Jersey. Property to be sold is located in the TOWNSHIP OF LOWER, County of Cape May in State of New Jersey.
BY VIRTUE of a Writ of Execution issued out of the Superior Court of New Jersey, Chancery Division, Cape May County, and Docket No. F-03464-19 therein, pending wherein, ARTHUR J CARNEY Plaintiff and ROBERT J. CARNEY Defendant, I shall expose to sale at public venue on WEDNESDAY, 05/10/2023 at one o'clock in the afternoon of the said day, at the Old Historical Court House Building, Route 9, Cape May Court House, New Jersey. Property to be sold is located in the TOWNSHIP OF LOWER, County of Cape May in State of New Jersey.
BY VIRTUE of a Writ of Execution issued out of the Superior Court of New Jersey, Chancery Division, Cape May County, and Docket No. F-03464-19 therein, pending wherein, ARTHUR J CARNEY Plaintiff and ROBERT J. CARNEY Defendant, I shall expose to sale at public venue on WEDNESDAY, 05/10/2023 at one o'clock in the afternoon of the said day, at the Old Historical Court House Building, Route 9, Cape May Court House, New Jersey. Property to be sold is located in the TOWNSHIP OF LOWER, County of Cape May in State of New Jersey.
BY VIRTUE of a Writ of Execution issued out of the Superior Court of New Jersey, Chancery Division, Cape May County, and Docket No. F-03464-19 therein, pending wherein, ARTHUR J CARNEY Plaintiff and ROBERT J. CARNEY Defendant, I shall expose to sale at public venue on WEDNESDAY, 05/10/2023 at one o'clock in the afternoon of the said day, at the Old Historical Court House Building, Route 9, Cape May Court House, New Jersey. Property to be sold is located in the TOWNSHIP OF LOWER, County of Cape May in State of New Jersey.
BY VIRTUE of a Writ of Execution issued out of the Superior Court of New Jersey, Chancery Division, Cape May County, and Docket No. F-03464-19 therein, pending wherein, ARTHUR J CARNEY Plaintiff and ROBERT J. CARNEY Defendant, I shall expose to sale at public venue on WEDNESDAY, 05/10/2023 at one o'clock in the afternoon of the said day, at the Old Historical Court House Building, Route 9, Cape May Court House, New Jersey. Property to be sold is located in the TOWNSHIP OF LOWER, County of Cape May in State of New Jersey.
BY VIRTUE of a Writ of Execution issued out of the Superior Court of New Jersey, Chancery Division, Cape May County, and Docket No. F-03464-19 therein, pending wherein, ARTHUR J CARNEY Plaintiff and ROBERT J. CARNEY Defendant, I shall expose to sale at public venue on WEDNESDAY, 05/10/2023 at one o'clock in the afternoon of the said day, at the Old Historical Court House Building, Route 9, Cape May Court House, New Jersey. Property to be sold is located in the TOWNSHIP OF LOWER, County of Cape May in State of New Jersey.
BY VIRTUE of a Writ of Execution issued out of the Superior Court of New Jersey, Chancery Division, Cape May County, and Docket No. F-03464-19 therein, pending wherein, ARTHUR J CARNEY Plaintiff and ROBERT J. CARNEY Defendant, I shall expose to sale at public venue on WEDNESDAY, 05/10/2023 at one o'clock in the afternoon of the said day, at the Old Historical Court House Building, Route 9, Cape May Court House, New Jersey. Property to be sold is located in the TOWNSHIP OF LOWER, County of Cape May in State of New Jersey.
BY VIRTUE of a Writ of Execution issued out of the Superior Court of New Jersey, Chancery Division, Cape May County, and Docket No. F-03464-19 therein, pending wherein, ARTHUR J CARNEY Plaintiff and ROBERT J. CARNEY Defendant, I shall expose to sale at public venue on WEDNESDAY, 05/10/2023 at one o'clock in the afternoon of the said day, at the Old Historical Court House Building, Route 9, Cape May Court House, New Jersey. Property to be sold is located in the TOWNSHIP OF LOWER, County of Cape May in State of New Jersey.
BY VIRTUE of a Writ of Execution issued out of the Superior Court of New Jersey, Chancery Division, Cape May County, and Docket No. F-03464-19 therein, pending wherein, ARTHUR J CARNEY Plaintiff and ROBERT J. CARNEY Defendant, I shall expose to sale at public venue on WEDNESDAY, 05/10/2023 at one o'clock in the afternoon of the said day, at the Old Historical Court House Building, Route 9, Cape May Court House, New Jersey. Property to be sold is located in the TOWNSHIP OF LOWER, County of Cape May in State of New Jersey.
BY VIRTUE of a Writ of Execution issued out of the Superior Court of New Jersey, Chancery Division, Cape May County, and Docket No. F-03464-19 therein, pending wherein, ARTHUR J CARNEY Plaintiff and ROBERT J. CARNEY Defendant, I shall expose to sale at public venue on WEDNESDAY, 05/10/2023 at one o'clock in the
WANT TO SEE YOUR LEGAL OR CLASSIFIED AD IN THIS SECTION?
Email Roxanne at roxanne@capemaystarwave.com or call 609-396-9411
SHOP SMALL • SPEND LOCAL
EAT LOCAL • ENJOY LOCAL
Support the local businesses that support the community.
4/19, pf $90.00	4/19, pf $90.00
